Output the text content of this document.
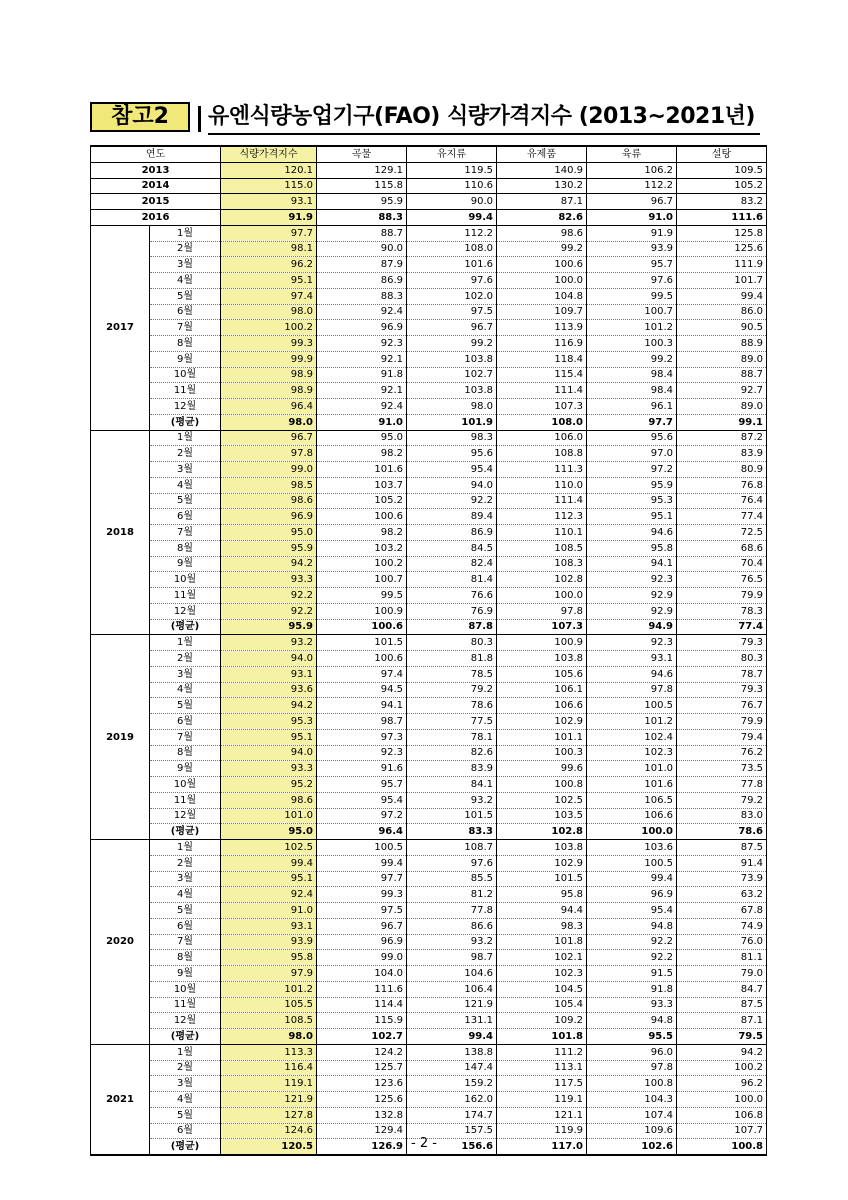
참고2	유엔식량농업기구(FAO) 식량가격지수 (2013~2021년)
연도		식량가격지수	곡물	유지류	유제품	육류	설탕
2013		120.1	129.1	119.5	140.9	106.2	109.5
2014		115.0	115.8	110.6	130.2	112.2	105.2
2015		93.1	95.9	90.0	87.1	96.7	83.2
2016		91.9	88.3	99.4	82.6	91.0	111.6
2017	1월	97.7	88.7	112.2	98.6	91.9	125.8
	2월	98.1	90.0	108.0	99.2	93.9	125.6
	3월	96.2	87.9	101.6	100.6	95.7	111.9
	4월	95.1	86.9	97.6	100.0	97.6	101.7
	5월	97.4	88.3	102.0	104.8	99.5	99.4
	6월	98.0	92.4	97.5	109.7	100.7	86.0
	7월	100.2	96.9	96.7	113.9	101.2	90.5
	8월	99.3	92.3	99.2	116.9	100.3	88.9
	9월	99.9	92.1	103.8	118.4	99.2	89.0
	10월	98.9	91.8	102.7	115.4	98.4	88.7
	11월	98.9	92.1	103.8	111.4	98.4	92.7
	12월	96.4	92.4	98.0	107.3	96.1	89.0
	(평균)	98.0	91.0	101.9	108.0	97.7	99.1
2018	1월	96.7	95.0	98.3	106.0	95.6	87.2
	2월	97.8	98.2	95.6	108.8	97.0	83.9
	3월	99.0	101.6	95.4	111.3	97.2	80.9
	4월	98.5	103.7	94.0	110.0	95.9	76.8
	5월	98.6	105.2	92.2	111.4	95.3	76.4
	6월	96.9	100.6	89.4	112.3	95.1	77.4
	7월	95.0	98.2	86.9	110.1	94.6	72.5
	8월	95.9	103.2	84.5	108.5	95.8	68.6
	9월	94.2	100.2	82.4	108.3	94.1	70.4
	10월	93.3	100.7	81.4	102.8	92.3	76.5
	11월	92.2	99.5	76.6	100.0	92.9	79.9
	12월	92.2	100.9	76.9	97.8	92.9	78.3
	(평균)	95.9	100.6	87.8	107.3	94.9	77.4
2019	1월	93.2	101.5	80.3	100.9	92.3	79.3
	2월	94.0	100.6	81.8	103.8	93.1	80.3
	3월	93.1	97.4	78.5	105.6	94.6	78.7
	4월	93.6	94.5	79.2	106.1	97.8	79.3
	5월	94.2	94.1	78.6	106.6	100.5	76.7
	6월	95.3	98.7	77.5	102.9	101.2	79.9
	7월	95.1	97.3	78.1	101.1	102.4	79.4
	8월	94.0	92.3	82.6	100.3	102.3	76.2
	9월	93.3	91.6	83.9	99.6	101.0	73.5
	10월	95.2	95.7	84.1	100.8	101.6	77.8
	11월	98.6	95.4	93.2	102.5	106.5	79.2
	12월	101.0	97.2	101.5	103.5	106.6	83.0
	(평균)	95.0	96.4	83.3	102.8	100.0	78.6
2020	1월	102.5	100.5	108.7	103.8	103.6	87.5
	2월	99.4	99.4	97.6	102.9	100.5	91.4
	3월	95.1	97.7	85.5	101.5	99.4	73.9
	4월	92.4	99.3	81.2	95.8	96.9	63.2
	5월	91.0	97.5	77.8	94.4	95.4	67.8
	6월	93.1	96.7	86.6	98.3	94.8	74.9
	7월	93.9	96.9	93.2	101.8	92.2	76.0
	8월	95.8	99.0	98.7	102.1	92.2	81.1
	9월	97.9	104.0	104.6	102.3	91.5	79.0
	10월	101.2	111.6	106.4	104.5	91.8	84.7
	11월	105.5	114.4	121.9	105.4	93.3	87.5
	12월	108.5	115.9	131.1	109.2	94.8	87.1
	(평균)	98.0	102.7	99.4	101.8	95.5	79.5
2021	1월	113.3	124.2	138.8	111.2	96.0	94.2
	2월	116.4	125.7	147.4	113.1	97.8	100.2
	3월	119.1	123.6	159.2	117.5	100.8	96.2
	4월	121.9	125.6	162.0	119.1	104.3	100.0
	5월	127.8	132.8	174.7	121.1	107.4	106.8
	6월	124.6	129.4	157.5	119.9	109.6	107.7
	(평균)	120.5	126.9	156.6	117.0	102.6	100.8
- 2 -
